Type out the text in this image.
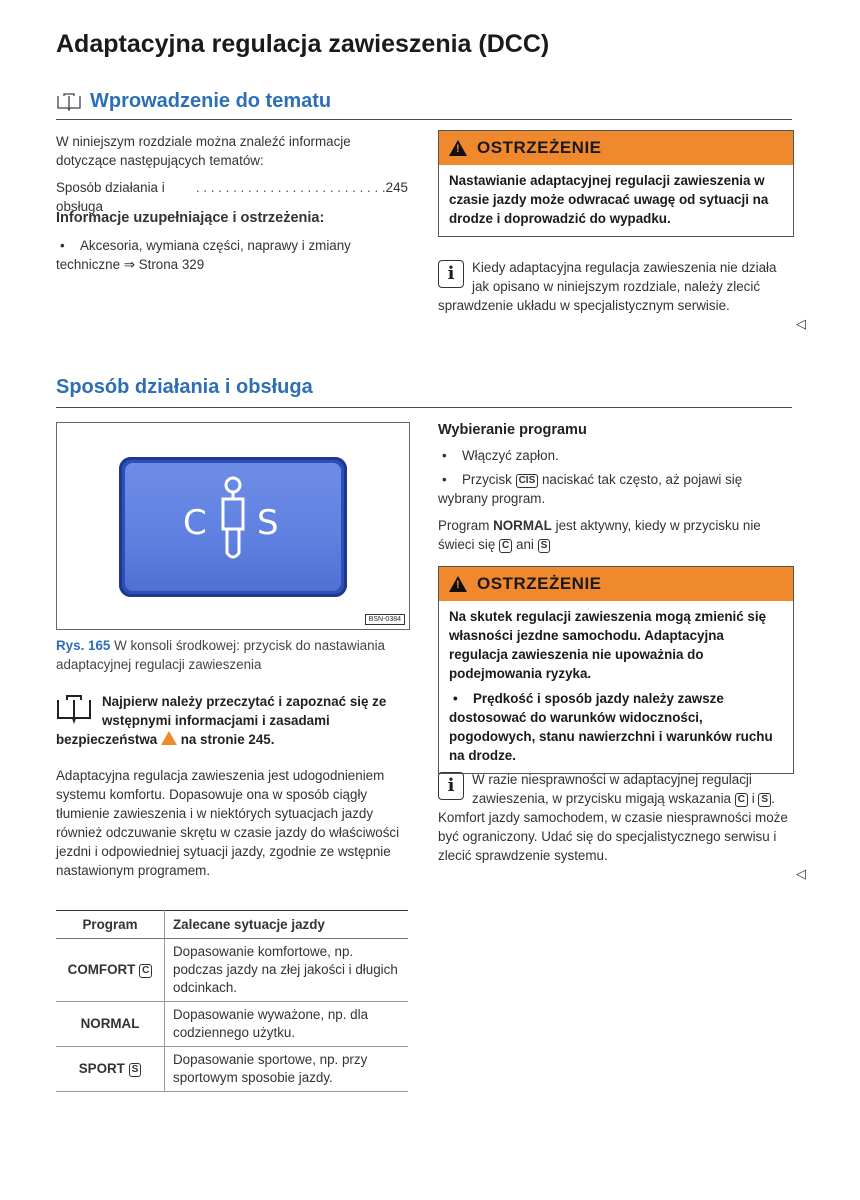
Adaptacyjna regulacja zawieszenia (DCC)
Wprowadzenie do tematu
W niniejszym rozdziale można znaleźć informacje dotyczące następujących tematów:
Sposób działania i obsługa
. . . . . . . . . . . . . . . . . . . . . . . . . . 245
Informacje uzupełniające i ostrzeżenia:
• Akcesoria, wymiana części, naprawy i zmiany techniczne ⇒ Strona 329
!
OSTRZEŻENIE
Nastawianie adaptacyjnej regulacji zawieszenia w czasie jazdy może odwracać uwagę od sytuacji na drodze i doprowadzić do wypadku.
i	Kiedy adaptacyjna regulacja zawieszenia nie działa jak opisano w niniejszym rozdziale, należy zlecić sprawdzenie układu w specjalistycznym serwisie.
◁
Sposób działania i obsługa
C S
BSN-0384
Rys. 165 W konsoli środkowej: przycisk do nastawiania adaptacyjnej regulacji zawieszenia
Najpierw należy przeczytać i zapoznać się ze wstępnymi informacjami i zasadami bezpieczeństwa na stronie 245.
Adaptacyjna regulacja zawieszenia jest udogodnieniem systemu komfortu. Dopasowuje ona w sposób ciągły tłumienie zawieszenia i w niektórych sytuacjach jazdy również odczuwanie skrętu w czasie jazdy do właściwości jezdni i odpowiedniej sytuacji jazdy, zgodnie ze wstępnie nastawionym programem.
Program	Zalecane sytuacje jazdy
COMFORT C	Dopasowanie komfortowe, np. podczas jazdy na złej jakości i długich odcinkach.
NORMAL	Dopasowanie wyważone, np. dla codziennego użytku.
SPORT S	Dopasowanie sportowe, np. przy sportowym sposobie jazdy.
Wybieranie programu
• Włączyć zapłon.
• Przycisk CIS naciskać tak często, aż pojawi się wybrany program.
Program NORMAL jest aktywny, kiedy w przycisku nie świeci się C ani S
!
OSTRZEŻENIE
Na skutek regulacji zawieszenia mogą zmienić się własności jezdne samochodu. Adaptacyjna regulacja zawieszenia nie upoważnia do podejmowania ryzyka.
• Prędkość i sposób jazdy należy zawsze dostosować do warunków widoczności, pogodowych, stanu nawierzchni i warunków ruchu na drodze.
i	W razie niesprawności w adaptacyjnej regulacji zawieszenia, w przycisku migają wskazania C i S . Komfort jazdy samochodem, w czasie niesprawności może być ograniczony. Udać się do specjalistycznego serwisu i zlecić sprawdzenie systemu.
◁
